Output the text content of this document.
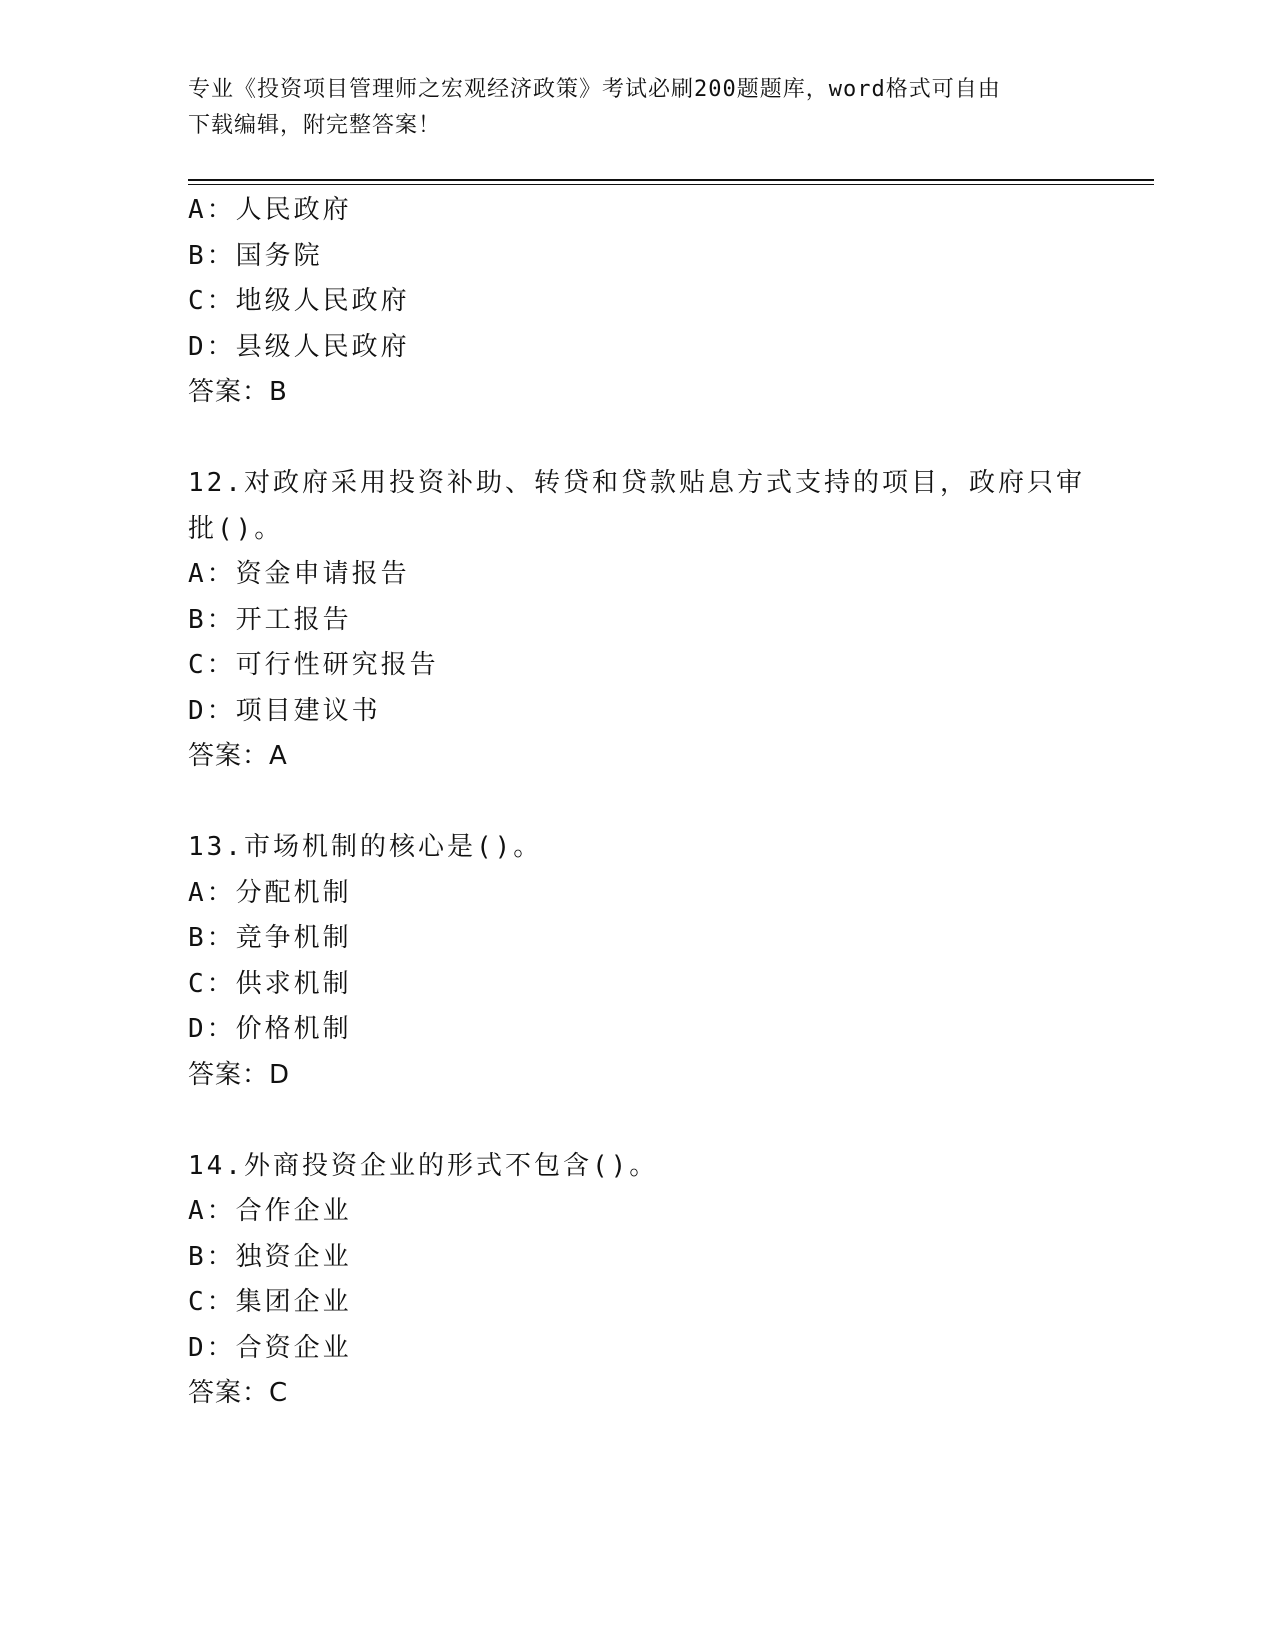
专业《投资项目管理师之宏观经济政策》考试必刷200题题库，word格式可自由
下载编辑，附完整答案！
A：人民政府
B：国务院
C：地级人民政府
D：县级人民政府
答案：B
12.对政府采用投资补助、转贷和贷款贴息方式支持的项目，政府只审
批()。
A：资金申请报告
B：开工报告
C：可行性研究报告
D：项目建议书
答案：A
13.市场机制的核心是()。
A：分配机制
B：竞争机制
C：供求机制
D：价格机制
答案：D
14.外商投资企业的形式不包含()。
A：合作企业
B：独资企业
C：集团企业
D：合资企业
答案：C
